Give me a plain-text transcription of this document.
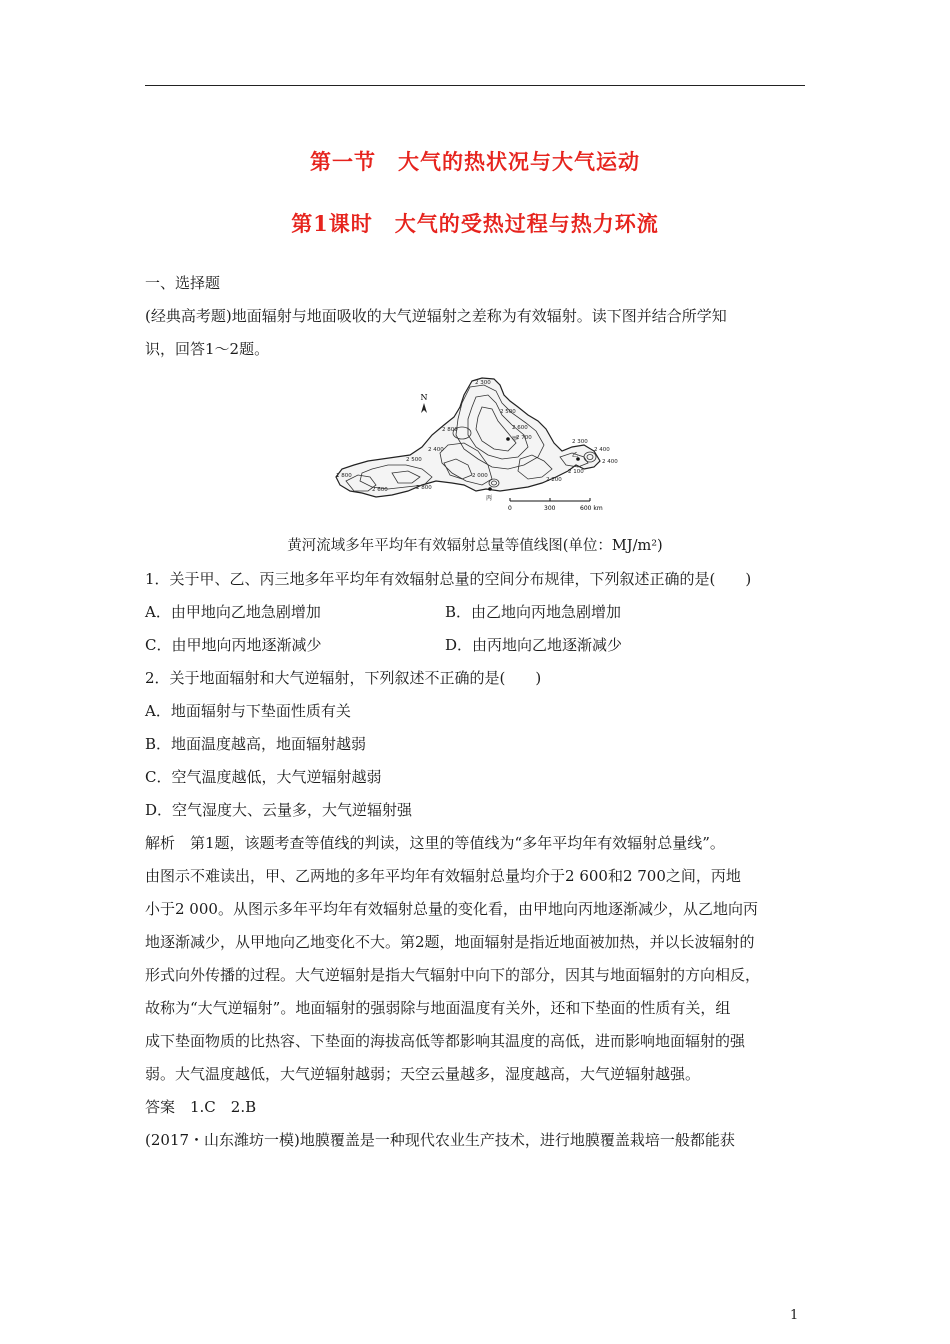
第一节　大气的热状况与大气运动
第1课时　大气的受热过程与热力环流
一、选择题
(经典高考题)地面辐射与地面吸收的大气逆辐射之差称为有效辐射。读下图并结合所学知
识，回答1～2题。
N
2 300
2 500
2 600
2 700
2 800
2 400
2 500
2 000
1 800
2 600	2 800
2 400
2 300
2 400
2 100
2 200
甲
乙
丙
0	300	600 km
黄河流域多年平均年有效辐射总量等值线图(单位：MJ/m²)
1．关于甲、乙、丙三地多年平均年有效辐射总量的空间分布规律，下列叙述正确的是(　　)
A．由甲地向乙地急剧增加	B．由乙地向丙地急剧增加
C．由甲地向丙地逐渐减少	D．由丙地向乙地逐渐减少
2．关于地面辐射和大气逆辐射，下列叙述不正确的是(　　)
A．地面辐射与下垫面性质有关
B．地面温度越高，地面辐射越弱
C．空气温度越低，大气逆辐射越弱
D．空气湿度大、云量多，大气逆辐射强
解析　第1题，该题考查等值线的判读，这里的等值线为“多年平均年有效辐射总量线”。
由图示不难读出，甲、乙两地的多年平均年有效辐射总量均介于2 600和2 700之间，丙地
小于2 000。从图示多年平均年有效辐射总量的变化看，由甲地向丙地逐渐减少，从乙地向丙
地逐渐减少，从甲地向乙地变化不大。第2题，地面辐射是指近地面被加热，并以长波辐射的
形式向外传播的过程。大气逆辐射是指大气辐射中向下的部分，因其与地面辐射的方向相反，
故称为“大气逆辐射”。地面辐射的强弱除与地面温度有关外，还和下垫面的性质有关，组
成下垫面物质的比热容、下垫面的海拔高低等都影响其温度的高低，进而影响地面辐射的强
弱。大气温度越低，大气逆辐射越弱；天空云量越多，湿度越高，大气逆辐射越强。
答案　1.C　2.B
(2017・山东潍坊一模)地膜覆盖是一种现代农业生产技术，进行地膜覆盖栽培一般都能获
1
